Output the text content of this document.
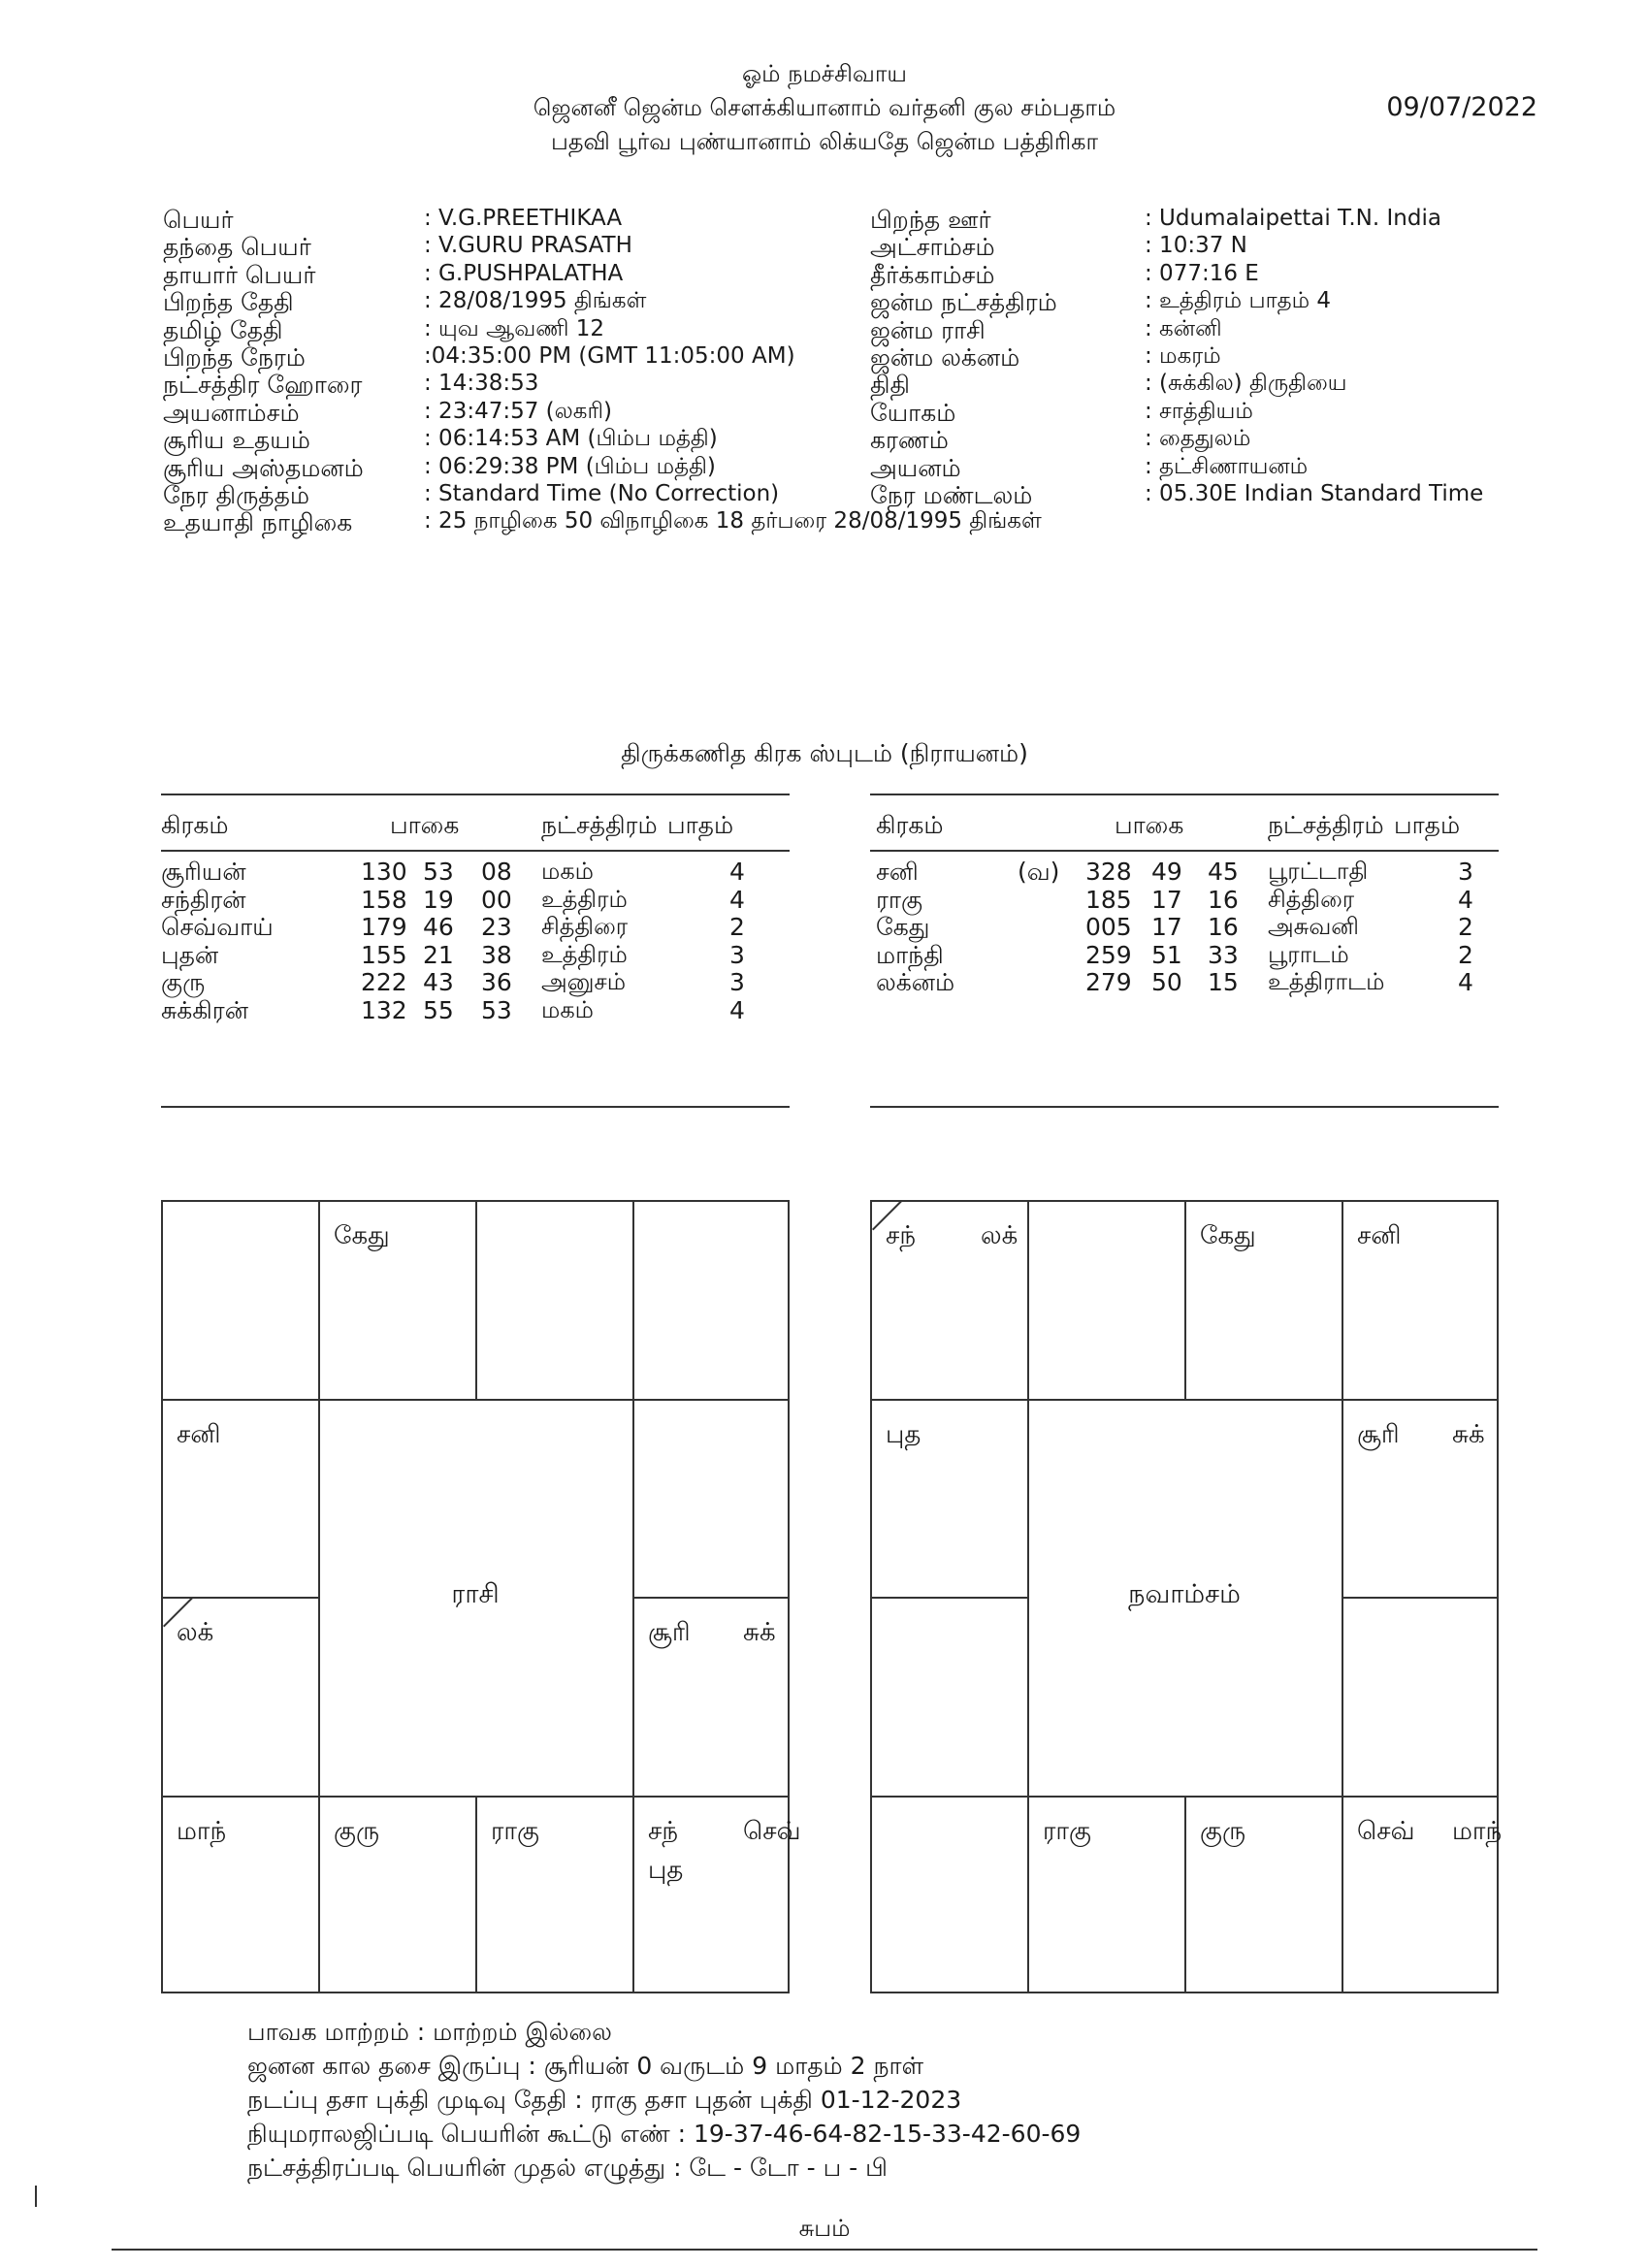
ஓம் நமச்சிவாய
ஜெனனீ ஜென்ம சௌக்கியானாம் வர்தனி குல சம்பதாம்
பதவி பூர்வ புண்யானாம் லிக்யதே ஜென்ம பத்திரிகா
09/07/2022
பெயர்	: V.G.PREETHIKAA
தந்தை பெயர்	: V.GURU PRASATH
தாயார் பெயர்	: G.PUSHPALATHA
பிறந்த தேதி	: 28/08/1995 திங்கள்
தமிழ் தேதி	: யுவ ஆவணி 12
பிறந்த நேரம்	:04:35:00 PM (GMT 11:05:00 AM)
நட்சத்திர ஹோரை	: 14:38:53
அயனாம்சம்	: 23:47:57 (லகரி)
சூரிய உதயம்	: 06:14:53 AM (பிம்ப மத்தி)
சூரிய அஸ்தமனம்	: 06:29:38 PM (பிம்ப மத்தி)
நேர திருத்தம்	: Standard Time (No Correction)
உதயாதி நாழிகை	: 25 நாழிகை 50 விநாழிகை 18 தர்பரை 28/08/1995 திங்கள்
பிறந்த ஊர்	: Udumalaipettai T.N. India
அட்சாம்சம்	: 10:37 N
தீர்க்காம்சம்	: 077:16 E
ஜன்ம நட்சத்திரம்	: உத்திரம் பாதம் 4
ஜன்ம ராசி	: கன்னி
ஜன்ம லக்னம்	: மகரம்
திதி	: (சுக்கில) திருதியை
யோகம்	: சாத்தியம்
கரணம்	: தைதுலம்
அயனம்	: தட்சிணாயனம்
நேர மண்டலம்	: 05.30E Indian Standard Time
திருக்கணித கிரக ஸ்புடம் (நிராயனம்)
கிரகம்	பாகை	நட்சத்திரம் பாதம்
சூரியன்	130 53 08 மகம்	4
சந்திரன்	158 19 00 உத்திரம்	4
செவ்வாய்	179 46 23 சித்திரை	2
புதன்	155 21 38 உத்திரம்	3
குரு	222 43 36 அனுசம்	3
சுக்கிரன்	132 55 53 மகம்	4
கிரகம்	பாகை	நட்சத்திரம் பாதம்
சனி	(வ) 328 49 45 பூரட்டாதி	3
ராகு	185 17 16 சித்திரை	4
கேது	005 17 16 அசுவனி	2
மாந்தி	259 51 33 பூராடம்	2
லக்னம்	279 50 15 உத்திராடம்	4
ராசி
கேது
சனி
லக்	சூரி சுக்
மாந்	குரு	ராகு	சந்	செவ்
புத
நவாம்சம்
சந்	லக்	கேது	சனி
புத	சூரி சுக்
ராகு	குரு	செவ் மாந்
பாவக மாற்றம் : மாற்றம் இல்லை
ஜனன கால தசை இருப்பு : சூரியன் 0 வருடம் 9 மாதம் 2 நாள்
நடப்பு தசா புக்தி முடிவு தேதி : ராகு தசா புதன் புக்தி 01-12-2023
நியுமராலஜிப்படி பெயரின் கூட்டு எண் : 19-37-46-64-82-15-33-42-60-69
நட்சத்திரப்படி பெயரின் முதல் எழுத்து : டே - டோ - ப - பி
சுபம்
